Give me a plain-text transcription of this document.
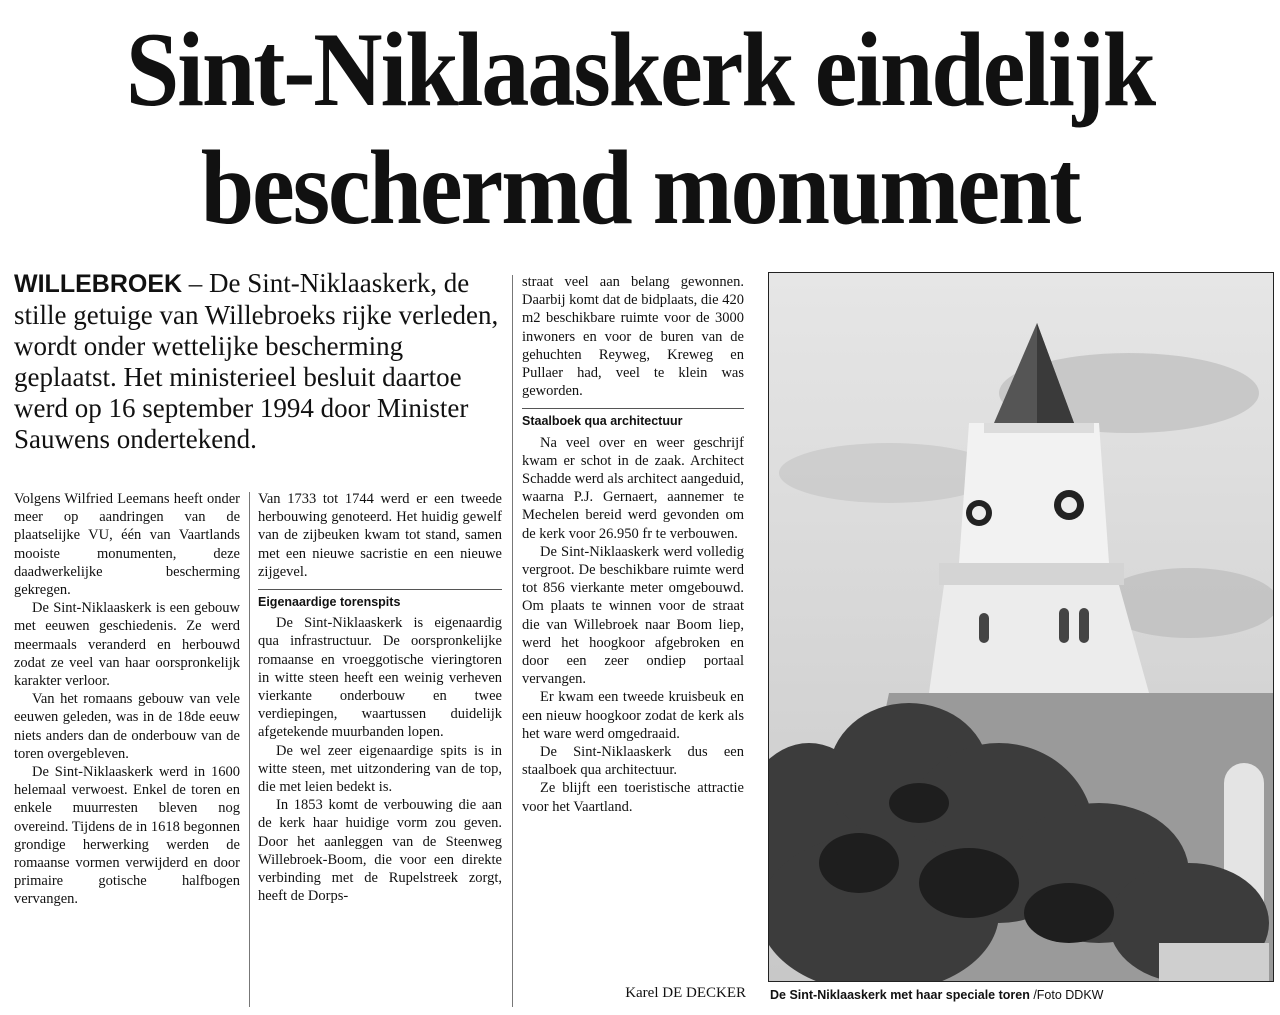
Sint-Niklaaskerk eindelijk
beschermd monument
WILLEBROEK – De Sint-Niklaaskerk, de stille getuige van Willebroeks rijke verleden, wordt onder wettelijke bescherming geplaatst. Het ministerieel besluit daartoe werd op 16 september 1994 door Minister Sauwens ondertekend.

Volgens Wilfried Leemans heeft onder meer op aandringen van de plaatselijke VU, één van Vaartlands mooiste monumenten, deze daadwerkelijke bescherming gekregen.

De Sint-Niklaaskerk is een gebouw met eeuwen geschiedenis. Ze werd meermaals veranderd en herbouwd zodat ze veel van haar oorspronkelijk karakter verloor.

Van het romaans gebouw van vele eeuwen geleden, was in de 18de eeuw niets anders dan de onderbouw van de toren overgebleven.

De Sint-Niklaaskerk werd in 1600 helemaal verwoest. Enkel de toren en enkele muurresten bleven nog overeind. Tijdens de in 1618 begonnen grondige herwerking werden de romaanse vormen verwijderd en door primaire gotische halfbogen vervangen.

Van 1733 tot 1744 werd er een tweede herbouwing genoteerd. Het huidig gewelf van de zijbeuken kwam tot stand, samen met een nieuwe sacristie en een nieuwe zijgevel.

Eigenaardige torenspits

De Sint-Niklaaskerk is eigenaardig qua infrastructuur. De oorspronkelijke romaanse en vroeggotische vieringtoren in witte steen heeft een weinig verheven vierkante onderbouw en twee verdiepingen, waartussen duidelijk afgetekende muurbanden lopen.

De wel zeer eigenaardige spits is in witte steen, met uitzondering van de top, die met leien bedekt is.

In 1853 komt de verbouwing die aan de kerk haar huidige vorm zou geven. Door het aanleggen van de Steenweg Willebroek-Boom, die voor een direkte verbinding met de Rupelstreek zorgt, heeft de Dorps-

straat veel aan belang gewonnen. Daarbij komt dat de bidplaats, die 420 m2 beschikbare ruimte voor de 3000 inwoners en voor de buren van de gehuchten Reyweg, Kreweg en Pullaer had, veel te klein was geworden.

Staalboek qua architectuur

Na veel over en weer geschrijf kwam er schot in de zaak. Architect Schadde werd als architect aangeduid, waarna P.J. Gernaert, aannemer te Mechelen bereid werd gevonden om de kerk voor 26.950 fr te verbouwen.

De Sint-Niklaaskerk werd volledig vergroot. De beschikbare ruimte werd tot 856 vierkante meter omgebouwd. Om plaats te winnen voor de straat die van Willebroek naar Boom liep, werd het hoogkoor afgebroken en door een zeer ondiep portaal vervangen.

Er kwam een tweede kruisbeuk en een nieuw hoogkoor zodat de kerk als het ware werd omgedraaid.

De Sint-Niklaaskerk dus een staalboek qua architectuur.

Ze blijft een toeristische attractie voor het Vaartland.

Karel DE DECKER De Sint-Niklaaskerk met haar speciale toren /Foto DDKW
